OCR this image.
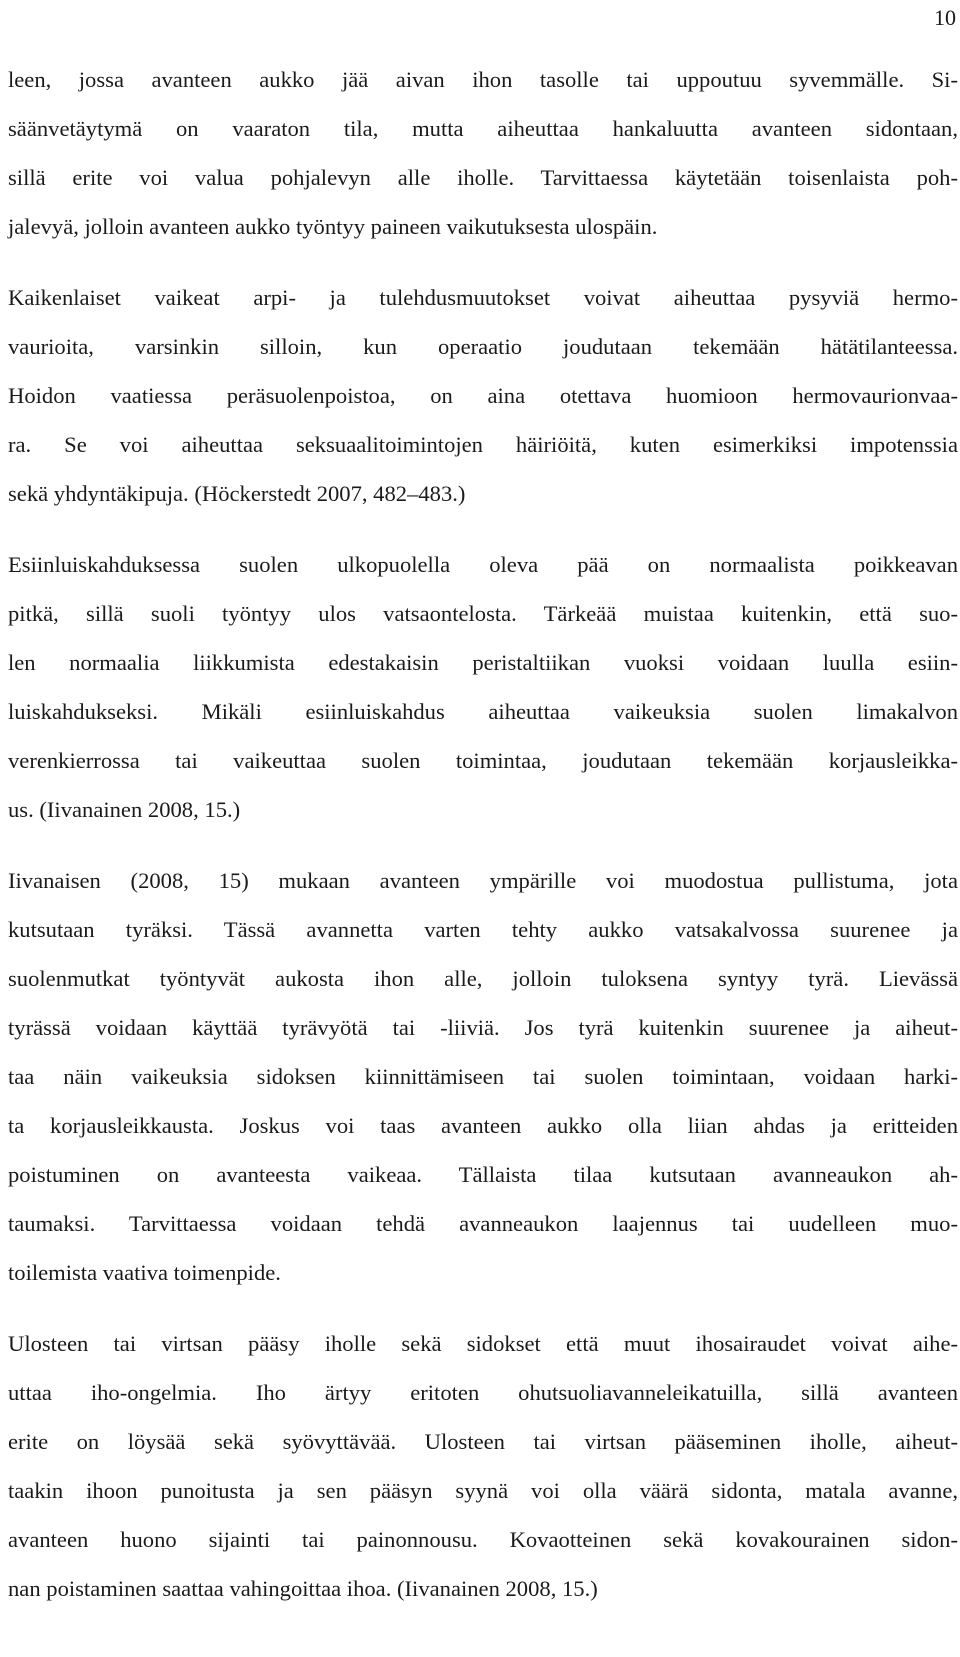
10
leen, jossa avanteen aukko jää aivan ihon tasolle tai uppoutuu syvemmälle. Si-
säänvetäytymä on vaaraton tila, mutta aiheuttaa hankaluutta avanteen sidontaan,
sillä erite voi valua pohjalevyn alle iholle. Tarvittaessa käytetään toisenlaista poh-
jalevyä, jolloin avanteen aukko työntyy paineen vaikutuksesta ulospäin.
Kaikenlaiset vaikeat arpi- ja tulehdusmuutokset voivat aiheuttaa pysyviä hermo-
vaurioita, varsinkin silloin, kun operaatio joudutaan tekemään hätätilanteessa.
Hoidon vaatiessa peräsuolenpoistoa, on aina otettava huomioon hermovaurionvaa-
ra. Se voi aiheuttaa seksuaalitoimintojen häiriöitä, kuten esimerkiksi impotenssia
sekä yhdyntäkipuja. (Höckerstedt 2007, 482–483.)
Esiinluiskahduksessa suolen ulkopuolella oleva pää on normaalista poikkeavan
pitkä, sillä suoli työntyy ulos vatsaontelosta. Tärkeää muistaa kuitenkin, että suo-
len normaalia liikkumista edestakaisin peristaltiikan vuoksi voidaan luulla esiin-
luiskahdukseksi. Mikäli esiinluiskahdus aiheuttaa vaikeuksia suolen limakalvon
verenkierrossa tai vaikeuttaa suolen toimintaa, joudutaan tekemään korjausleikka-
us. (Iivanainen 2008, 15.)
Iivanaisen (2008, 15) mukaan avanteen ympärille voi muodostua pullistuma, jota
kutsutaan tyräksi. Tässä avannetta varten tehty aukko vatsakalvossa suurenee ja
suolenmutkat työntyvät aukosta ihon alle, jolloin tuloksena syntyy tyrä. Lievässä
tyrässä voidaan käyttää tyrävyötä tai -liiviä. Jos tyrä kuitenkin suurenee ja aiheut-
taa näin vaikeuksia sidoksen kiinnittämiseen tai suolen toimintaan, voidaan harki-
ta korjausleikkausta. Joskus voi taas avanteen aukko olla liian ahdas ja eritteiden
poistuminen on avanteesta vaikeaa. Tällaista tilaa kutsutaan avanneaukon ah-
taumaksi. Tarvittaessa voidaan tehdä avanneaukon laajennus tai uudelleen muo-
toilemista vaativa toimenpide.
Ulosteen tai virtsan pääsy iholle sekä sidokset että muut ihosairaudet voivat aihe-
uttaa iho-ongelmia. Iho ärtyy eritoten ohutsuoliavanneleikatuilla, sillä avanteen
erite on löysää sekä syövyttävää. Ulosteen tai virtsan pääseminen iholle, aiheut-
taakin ihoon punoitusta ja sen pääsyn syynä voi olla väärä sidonta, matala avanne,
avanteen huono sijainti tai painonnousu. Kovaotteinen sekä kovakourainen sidon-
nan poistaminen saattaa vahingoittaa ihoa. (Iivanainen 2008, 15.)
